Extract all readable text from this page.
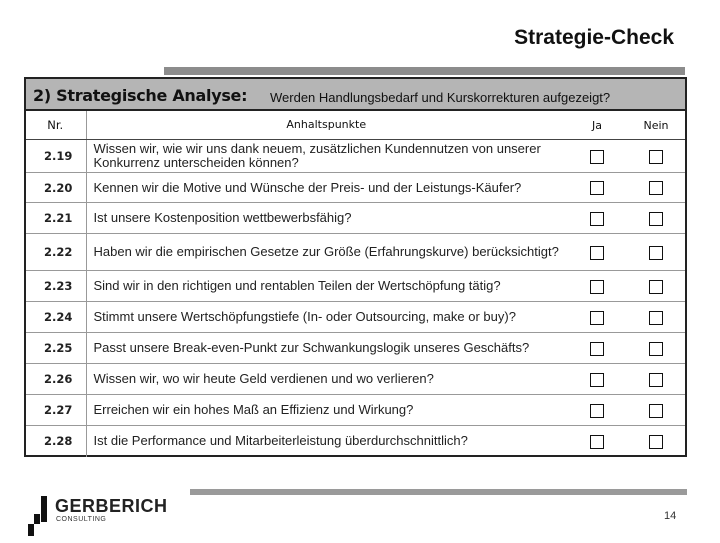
Strategie-Check
2) Strategische Analyse: Werden Handlungsbedarf und Kurskorrekturen aufgezeigt?
Nr.	Anhaltspunkte	Ja	Nein
2.19	Wissen wir, wie wir uns dank neuem, zusätzlichen Kundennutzen von unserer Konkurrenz unterscheiden können?		
2.20	Kennen wir die Motive und Wünsche der Preis- und der Leistungs-Käufer?		
2.21	Ist unsere Kostenposition wettbewerbsfähig?		
2.22	Haben wir die empirischen Gesetze zur Größe (Erfahrungskurve) berücksichtigt?		
2.23	Sind wir in den richtigen und rentablen Teilen der Wertschöpfung tätig?		
2.24	Stimmt unsere Wertschöpfungstiefe (In- oder Outsourcing, make or buy)?		
2.25	Passt unsere Break-even-Punkt zur Schwankungslogik unseres Geschäfts?		
2.26	Wissen wir, wo wir heute Geld verdienen und wo verlieren?		
2.27	Erreichen wir ein hohes Maß an Effizienz und Wirkung?		
2.28	Ist die Performance und Mitarbeiterleistung überdurchschnittlich?		
GERBERICH
CONSULTING	14
